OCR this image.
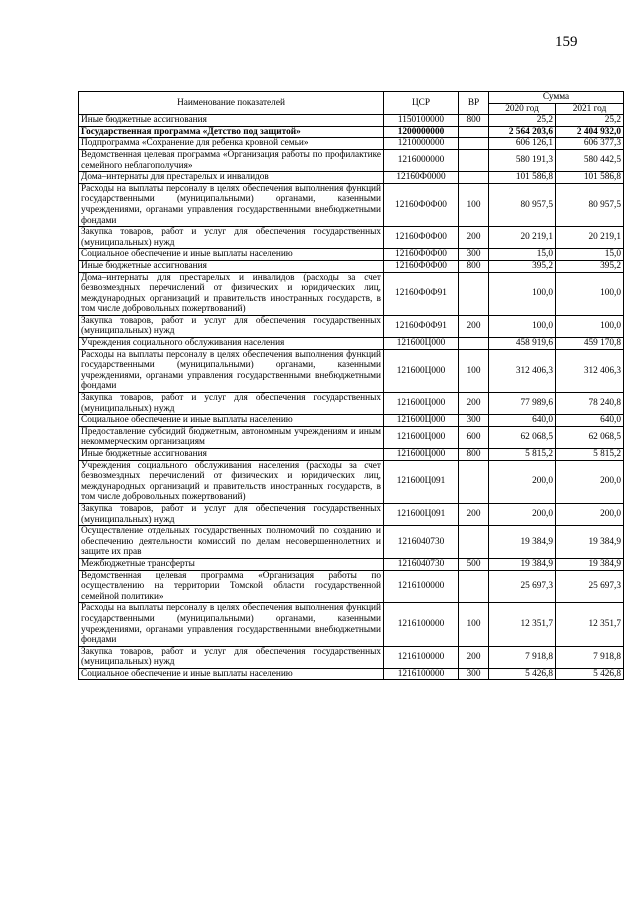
159
Наименование показателей	ЦСР	ВР	Сумма	
			2020 год	2021 год
Иные бюджетные ассигнования	1150100000	800	25,2	25,2
Государственная программа «Детство под защитой»	1200000000		2 564 203,6	2 404 932,0
Подпрограмма «Сохранение для ребенка кровной семьи»	1210000000		606 126,1	606 377,3
Ведомственная целевая программа «Организация работы по профилактике семейного неблагополучия»	1216000000		580 191,3	580 442,5
Дома–интернаты для престарелых и инвалидов	12160Ф0000		101 586,8	101 586,8
Расходы на выплаты персоналу в целях обеспечения выполнения функций государственными (муниципальными) органами, казенными учреждениями, органами управления государственными внебюджетными фондами	12160Ф0Ф00	100	80 957,5	80 957,5
Закупка товаров, работ и услуг для обеспечения государственных (муниципальных) нужд	12160Ф0Ф00	200	20 219,1	20 219,1
Социальное обеспечение и иные выплаты населению	12160Ф0Ф00	300	15,0	15,0
Иные бюджетные ассигнования	12160Ф0Ф00	800	395,2	395,2
Дома–интернаты для престарелых и инвалидов (расходы за счет безвозмездных перечислений от физических и юридических лиц, международных организаций и правительств иностранных государств, в том числе добровольных пожертвований)	12160Ф0Ф91		100,0	100,0
Закупка товаров, работ и услуг для обеспечения государственных (муниципальных) нужд	12160Ф0Ф91	200	100,0	100,0
Учреждения социального обслуживания населения	121600Ц000		458 919,6	459 170,8
Расходы на выплаты персоналу в целях обеспечения выполнения функций государственными (муниципальными) органами, казенными учреждениями, органами управления государственными внебюджетными фондами	121600Ц000	100	312 406,3	312 406,3
Закупка товаров, работ и услуг для обеспечения государственных (муниципальных) нужд	121600Ц000	200	77 989,6	78 240,8
Социальное обеспечение и иные выплаты населению	121600Ц000	300	640,0	640,0
Предоставление субсидий бюджетным, автономным учреждениям и иным некоммерческим организациям	121600Ц000	600	62 068,5	62 068,5
Иные бюджетные ассигнования	121600Ц000	800	5 815,2	5 815,2
Учреждения социального обслуживания населения (расходы за счет безвозмездных перечислений от физических и юридических лиц, международных организаций и правительств иностранных государств, в том числе добровольных пожертвований)	121600Ц091		200,0	200,0
Закупка товаров, работ и услуг для обеспечения государственных (муниципальных) нужд	121600Ц091	200	200,0	200,0
Осуществление отдельных государственных полномочий по созданию и обеспечению деятельности комиссий по делам несовершеннолетних и защите их прав	1216040730		19 384,9	19 384,9
Межбюджетные трансферты	1216040730	500	19 384,9	19 384,9
Ведомственная целевая программа «Организация работы по осуществлению на территории Томской области государственной семейной политики»	1216100000		25 697,3	25 697,3
Расходы на выплаты персоналу в целях обеспечения выполнения функций государственными (муниципальными) органами, казенными учреждениями, органами управления государственными внебюджетными фондами	1216100000	100	12 351,7	12 351,7
Закупка товаров, работ и услуг для обеспечения государственных (муниципальных) нужд	1216100000	200	7 918,8	7 918,8
Социальное обеспечение и иные выплаты населению	1216100000	300	5 426,8	5 426,8
